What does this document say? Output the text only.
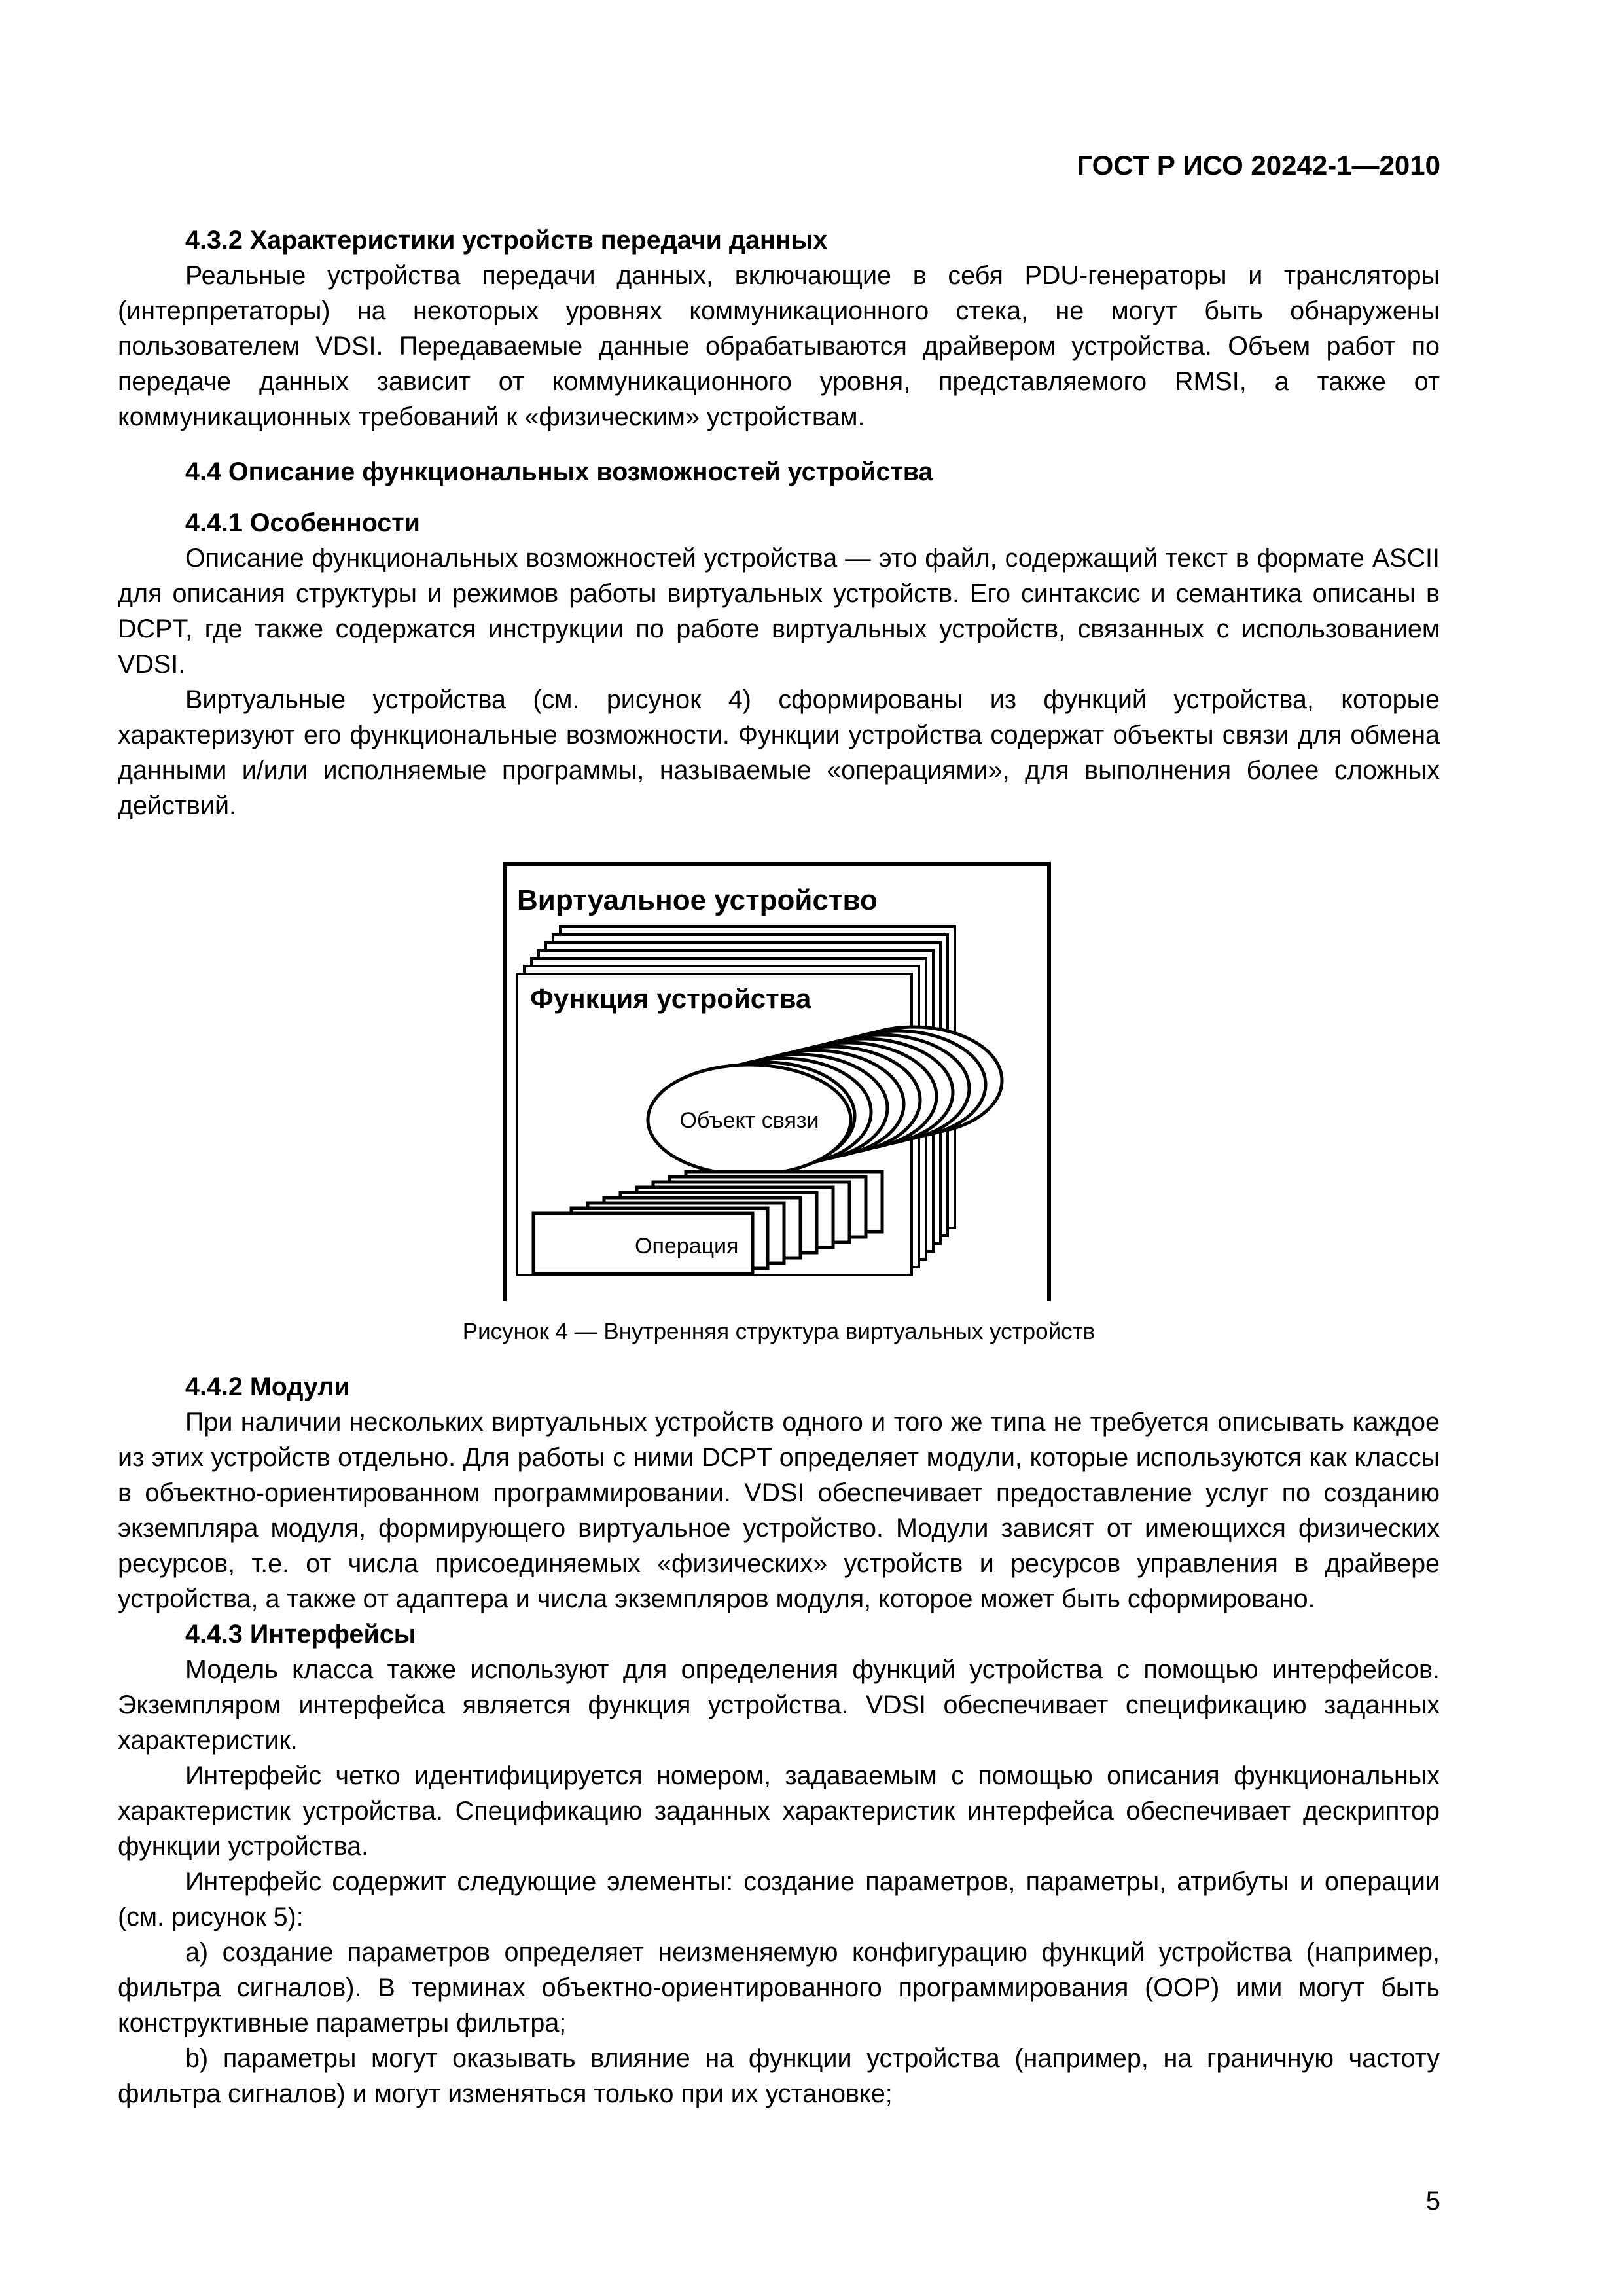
ГОСТ Р ИСО 20242-1—2010

4.3.2 Характеристики устройств передачи данных

Реальные устройства передачи данных, включающие в себя PDU-генераторы и трансляторы (интерпретаторы) на некоторых уровнях коммуникационного стека, не могут быть обнаружены пользователем VDSI. Передаваемые данные обрабатываются драйвером устройства. Объем работ по передаче данных зависит от коммуникационного уровня, представляемого RMSI, а также от коммуникационных требований к «физическим» устройствам.

4.4 Описание функциональных возможностей устройства

4.4.1 Особенности

Описание функциональных возможностей устройства — это файл, содержащий текст в формате ASCII для описания структуры и режимов работы виртуальных устройств. Его синтаксис и семантика описаны в DCPT, где также содержатся инструкции по работе виртуальных устройств, связанных с использованием VDSI.

Виртуальные устройства (см. рисунок 4) сформированы из функций устройства, которые характеризуют его функциональные возможности. Функции устройства содержат объекты связи для обмена данными и/или исполняемые программы, называемые «операциями», для выполнения более сложных действий.

Виртуальное устройство
Функция устройства
Объект связи
Операция

Рисунок 4 — Внутренняя структура виртуальных устройств

4.4.2 Модули

При наличии нескольких виртуальных устройств одного и того же типа не требуется описывать каждое из этих устройств отдельно. Для работы с ними DCPT определяет модули, которые используются как классы в объектно-ориентированном программировании. VDSI обеспечивает предоставление услуг по созданию экземпляра модуля, формирующего виртуальное устройство. Модули зависят от имеющихся физических ресурсов, т.е. от числа присоединяемых «физических» устройств и ресурсов управления в драйвере устройства, а также от адаптера и числа экземпляров модуля, которое может быть сформировано.

4.4.3 Интерфейсы

Модель класса также используют для определения функций устройства с помощью интерфейсов. Экземпляром интерфейса является функция устройства. VDSI обеспечивает спецификацию заданных характеристик.

Интерфейс четко идентифицируется номером, задаваемым с помощью описания функциональных характеристик устройства. Спецификацию заданных характеристик интерфейса обеспечивает дескриптор функции устройства.

Интерфейс содержит следующие элементы: создание параметров, параметры, атрибуты и операции (см. рисунок 5):

a) создание параметров определяет неизменяемую конфигурацию функций устройства (например, фильтра сигналов). В терминах объектно-ориентированного программирования (OOP) ими могут быть конструктивные параметры фильтра;

b) параметры могут оказывать влияние на функции устройства (например, на граничную частоту фильтра сигналов) и могут изменяться только при их установке;

5
